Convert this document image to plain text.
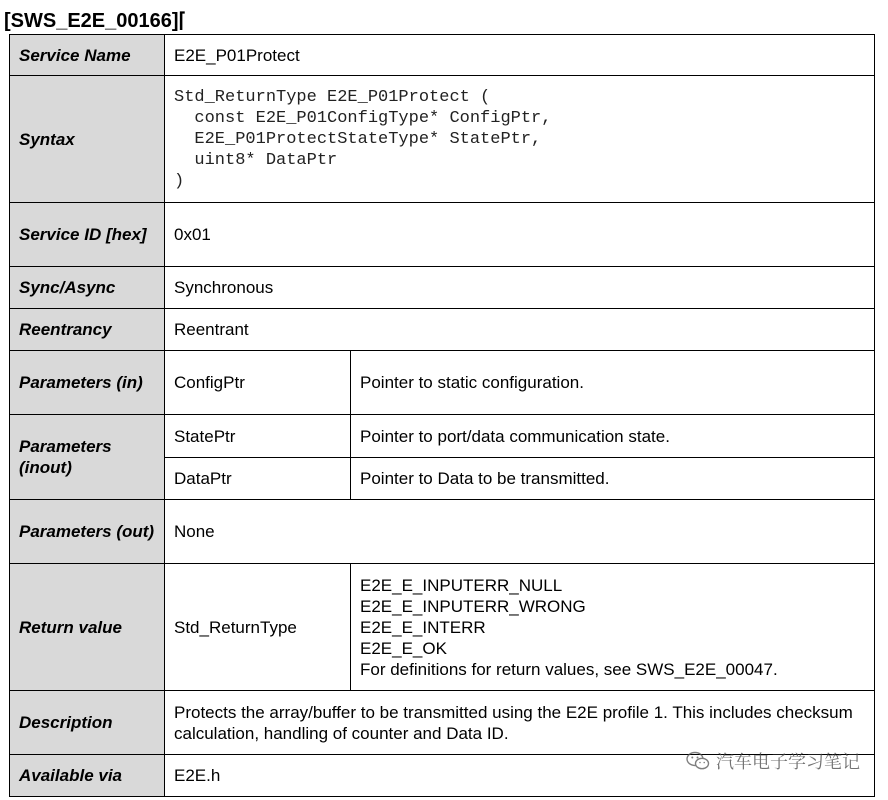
[SWS_E2E_00166]⌈
Service Name	E2E_P01Protect	
Syntax	Std_ReturnType E2E_P01Protect (
const E2E_P01ConfigType* ConfigPtr,
E2E_P01ProtectStateType* StatePtr,
uint8* DataPtr
)	

Service ID [hex]	0x01	
Sync/Async	Synchronous	
Reentrancy	Reentrant	
Parameters (in)	ConfigPtr	Pointer to static configuration.
Parameters (inout)	StatePtr	Pointer to port/data communication state.
	DataPtr	Pointer to Data to be transmitted.
Parameters (out)	None	
Return value	Std_ReturnType	E2E_E_INPUTERR_NULL
E2E_E_INPUTERR_WRONG
E2E_E_INTERR
E2E_E_OK
For definitions for return values, see SWS_E2E_00047.

Description	Protects the array/buffer to be transmitted using the E2E profile 1. This includes checksum calculation, handling of counter and Data ID.	
Available via	E2E.h	
汽车电子学习笔记
